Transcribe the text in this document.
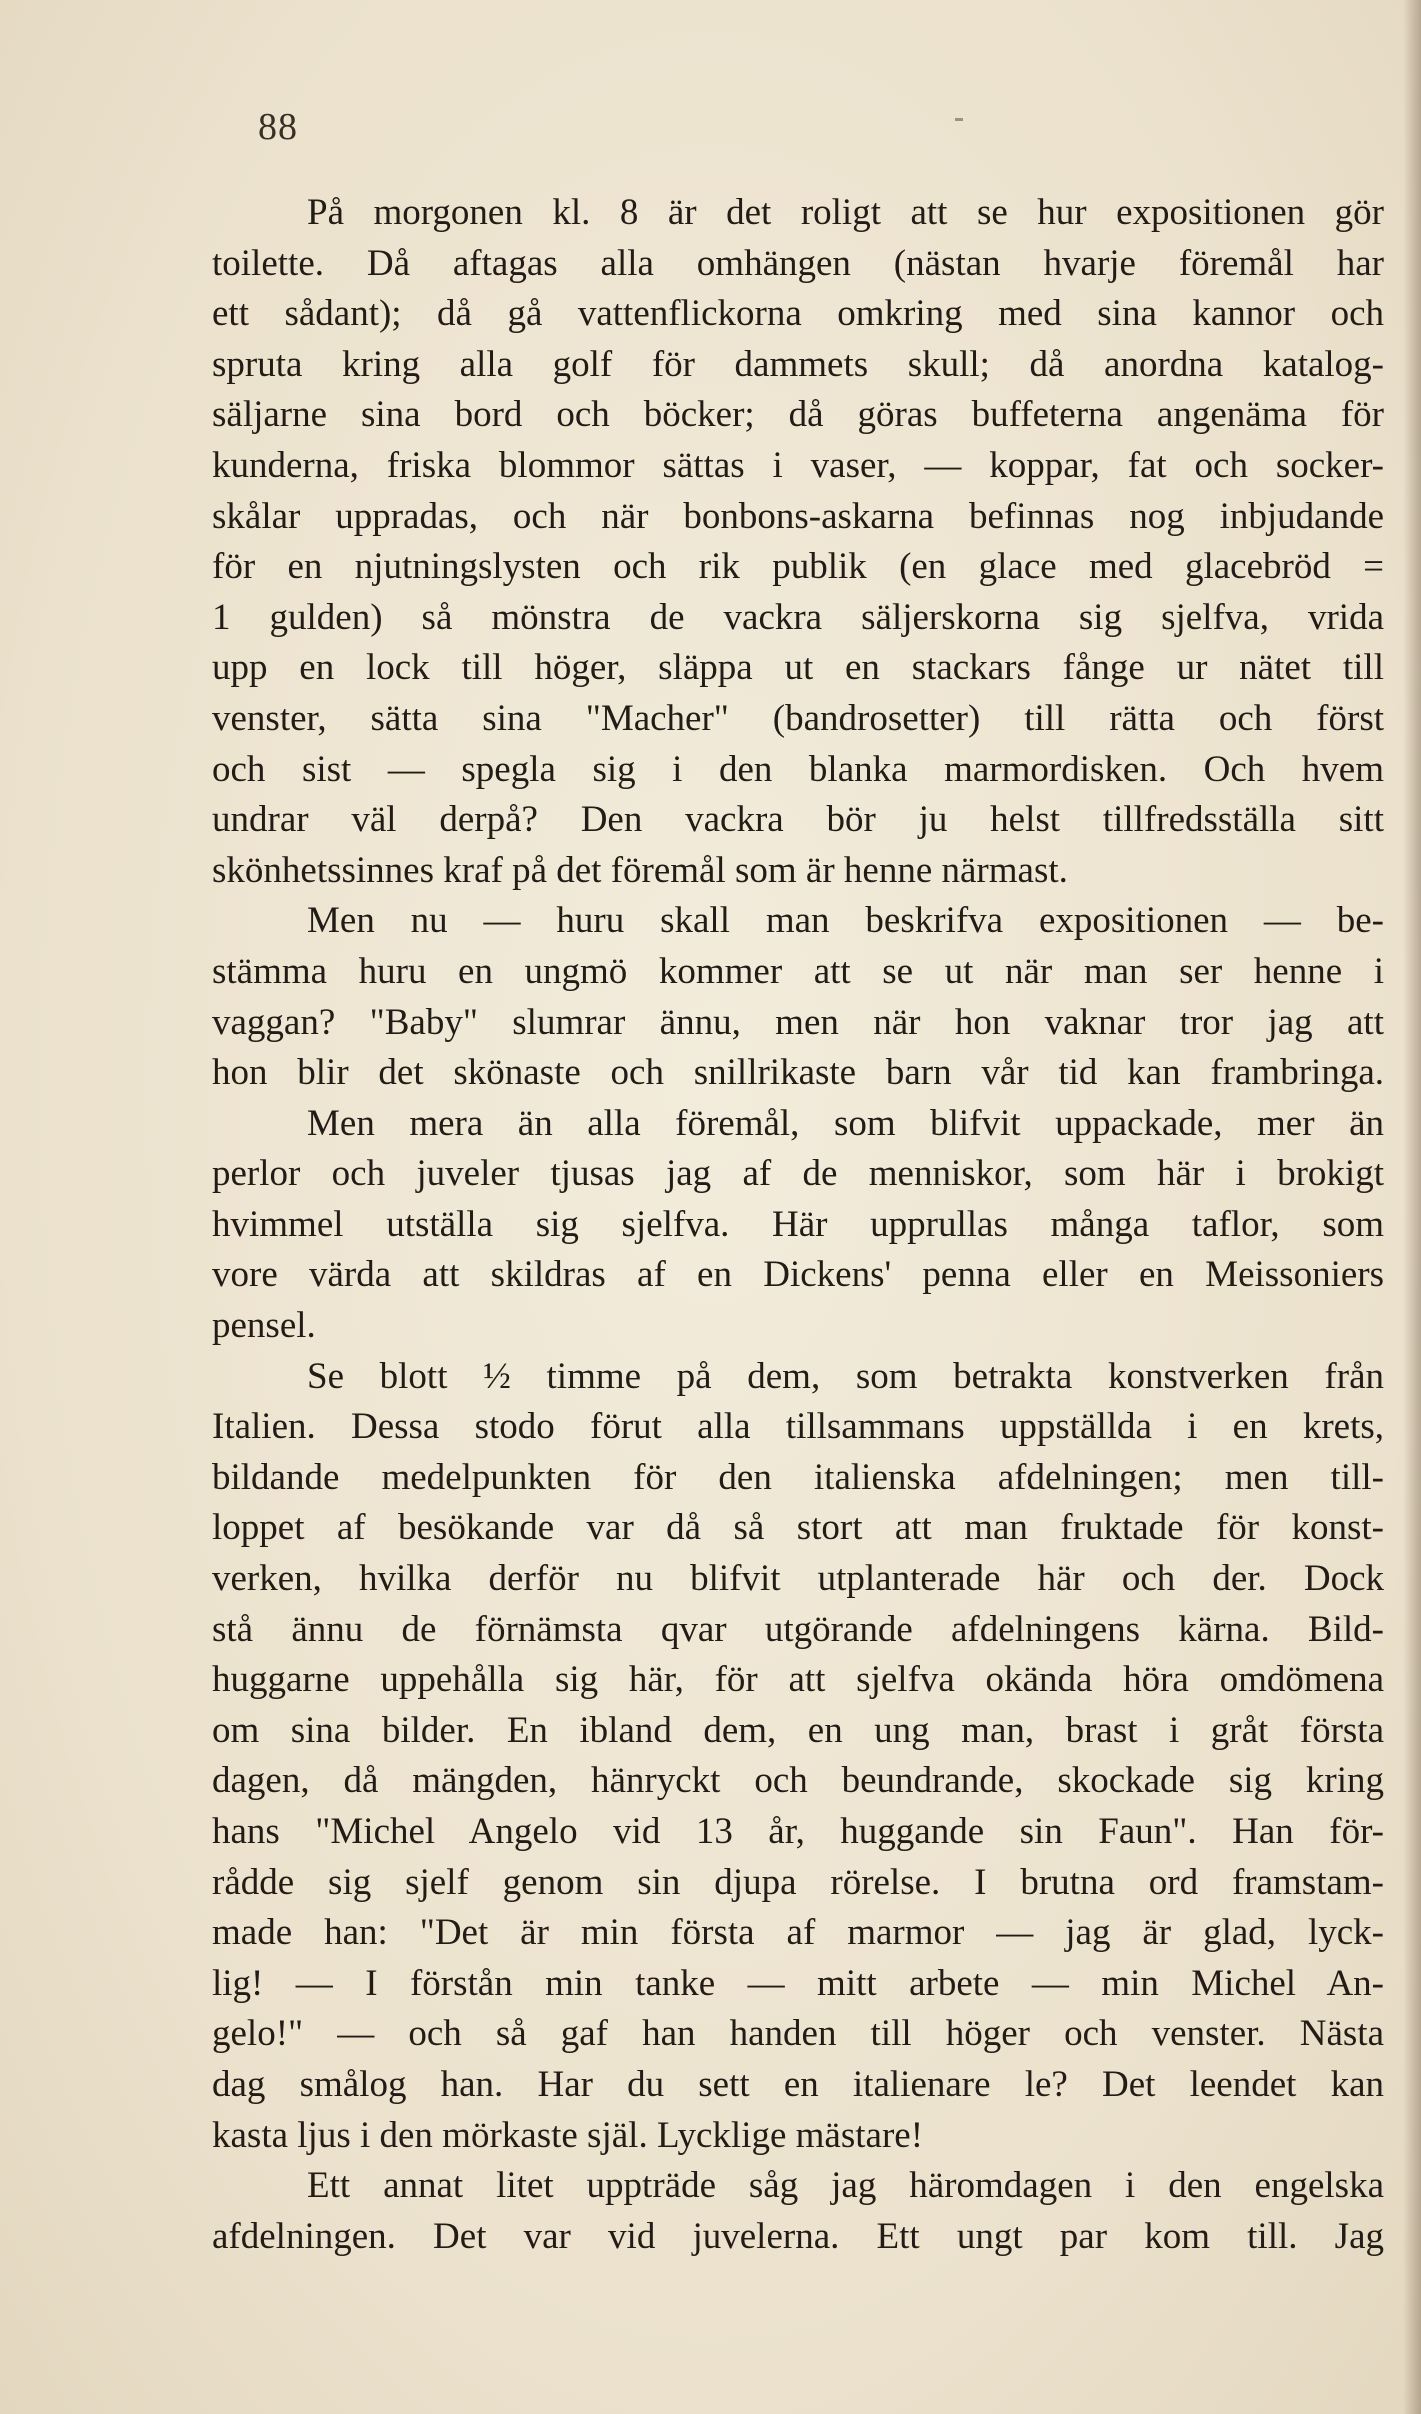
88
På morgonen kl. 8 är det roligt att se hur expositionen gör
toilette. Då aftagas alla omhängen (nästan hvarje föremål har
ett sådant); då gå vattenflickorna omkring med sina kannor och
spruta kring alla golf för dammets skull; då anordna katalog-
säljarne sina bord och böcker; då göras buffeterna angenäma för
kunderna, friska blommor sättas i vaser, — koppar, fat och socker-
skålar uppradas, och när bonbons-askarna befinnas nog inbjudande
för en njutningslysten och rik publik (en glace med glacebröd =
1 gulden) så mönstra de vackra säljerskorna sig sjelfva, vrida
upp en lock till höger, släppa ut en stackars fånge ur nätet till
venster, sätta sina "Macher" (bandrosetter) till rätta och först
och sist — spegla sig i den blanka marmordisken. Och hvem
undrar väl derpå? Den vackra bör ju helst tillfredsställa sitt
skönhetssinnes kraf på det föremål som är henne närmast.
Men nu — huru skall man beskrifva expositionen — be-
stämma huru en ungmö kommer att se ut när man ser henne i
vaggan? "Baby" slumrar ännu, men när hon vaknar tror jag att
hon blir det skönaste och snillrikaste barn vår tid kan frambringa.
Men mera än alla föremål, som blifvit uppackade, mer än
perlor och juveler tjusas jag af de menniskor, som här i brokigt
hvimmel utställa sig sjelfva. Här upprullas många taflor, som
vore värda att skildras af en Dickens' penna eller en Meissoniers
pensel.
Se blott ½ timme på dem, som betrakta konstverken från
Italien. Dessa stodo förut alla tillsammans uppställda i en krets,
bildande medelpunkten för den italienska afdelningen; men till-
loppet af besökande var då så stort att man fruktade för konst-
verken, hvilka derför nu blifvit utplanterade här och der. Dock
stå ännu de förnämsta qvar utgörande afdelningens kärna. Bild-
huggarne uppehålla sig här, för att sjelfva okända höra omdömena
om sina bilder. En ibland dem, en ung man, brast i gråt första
dagen, då mängden, hänryckt och beundrande, skockade sig kring
hans "Michel Angelo vid 13 år, huggande sin Faun". Han för-
rådde sig sjelf genom sin djupa rörelse. I brutna ord framstam-
made han: "Det är min första af marmor — jag är glad, lyck-
lig! — I förstån min tanke — mitt arbete — min Michel An-
gelo!" — och så gaf han handen till höger och venster. Nästa
dag smålog han. Har du sett en italienare le? Det leendet kan
kasta ljus i den mörkaste själ. Lycklige mästare!
Ett annat litet uppträde såg jag häromdagen i den engelska
afdelningen. Det var vid juvelerna. Ett ungt par kom till. Jag
